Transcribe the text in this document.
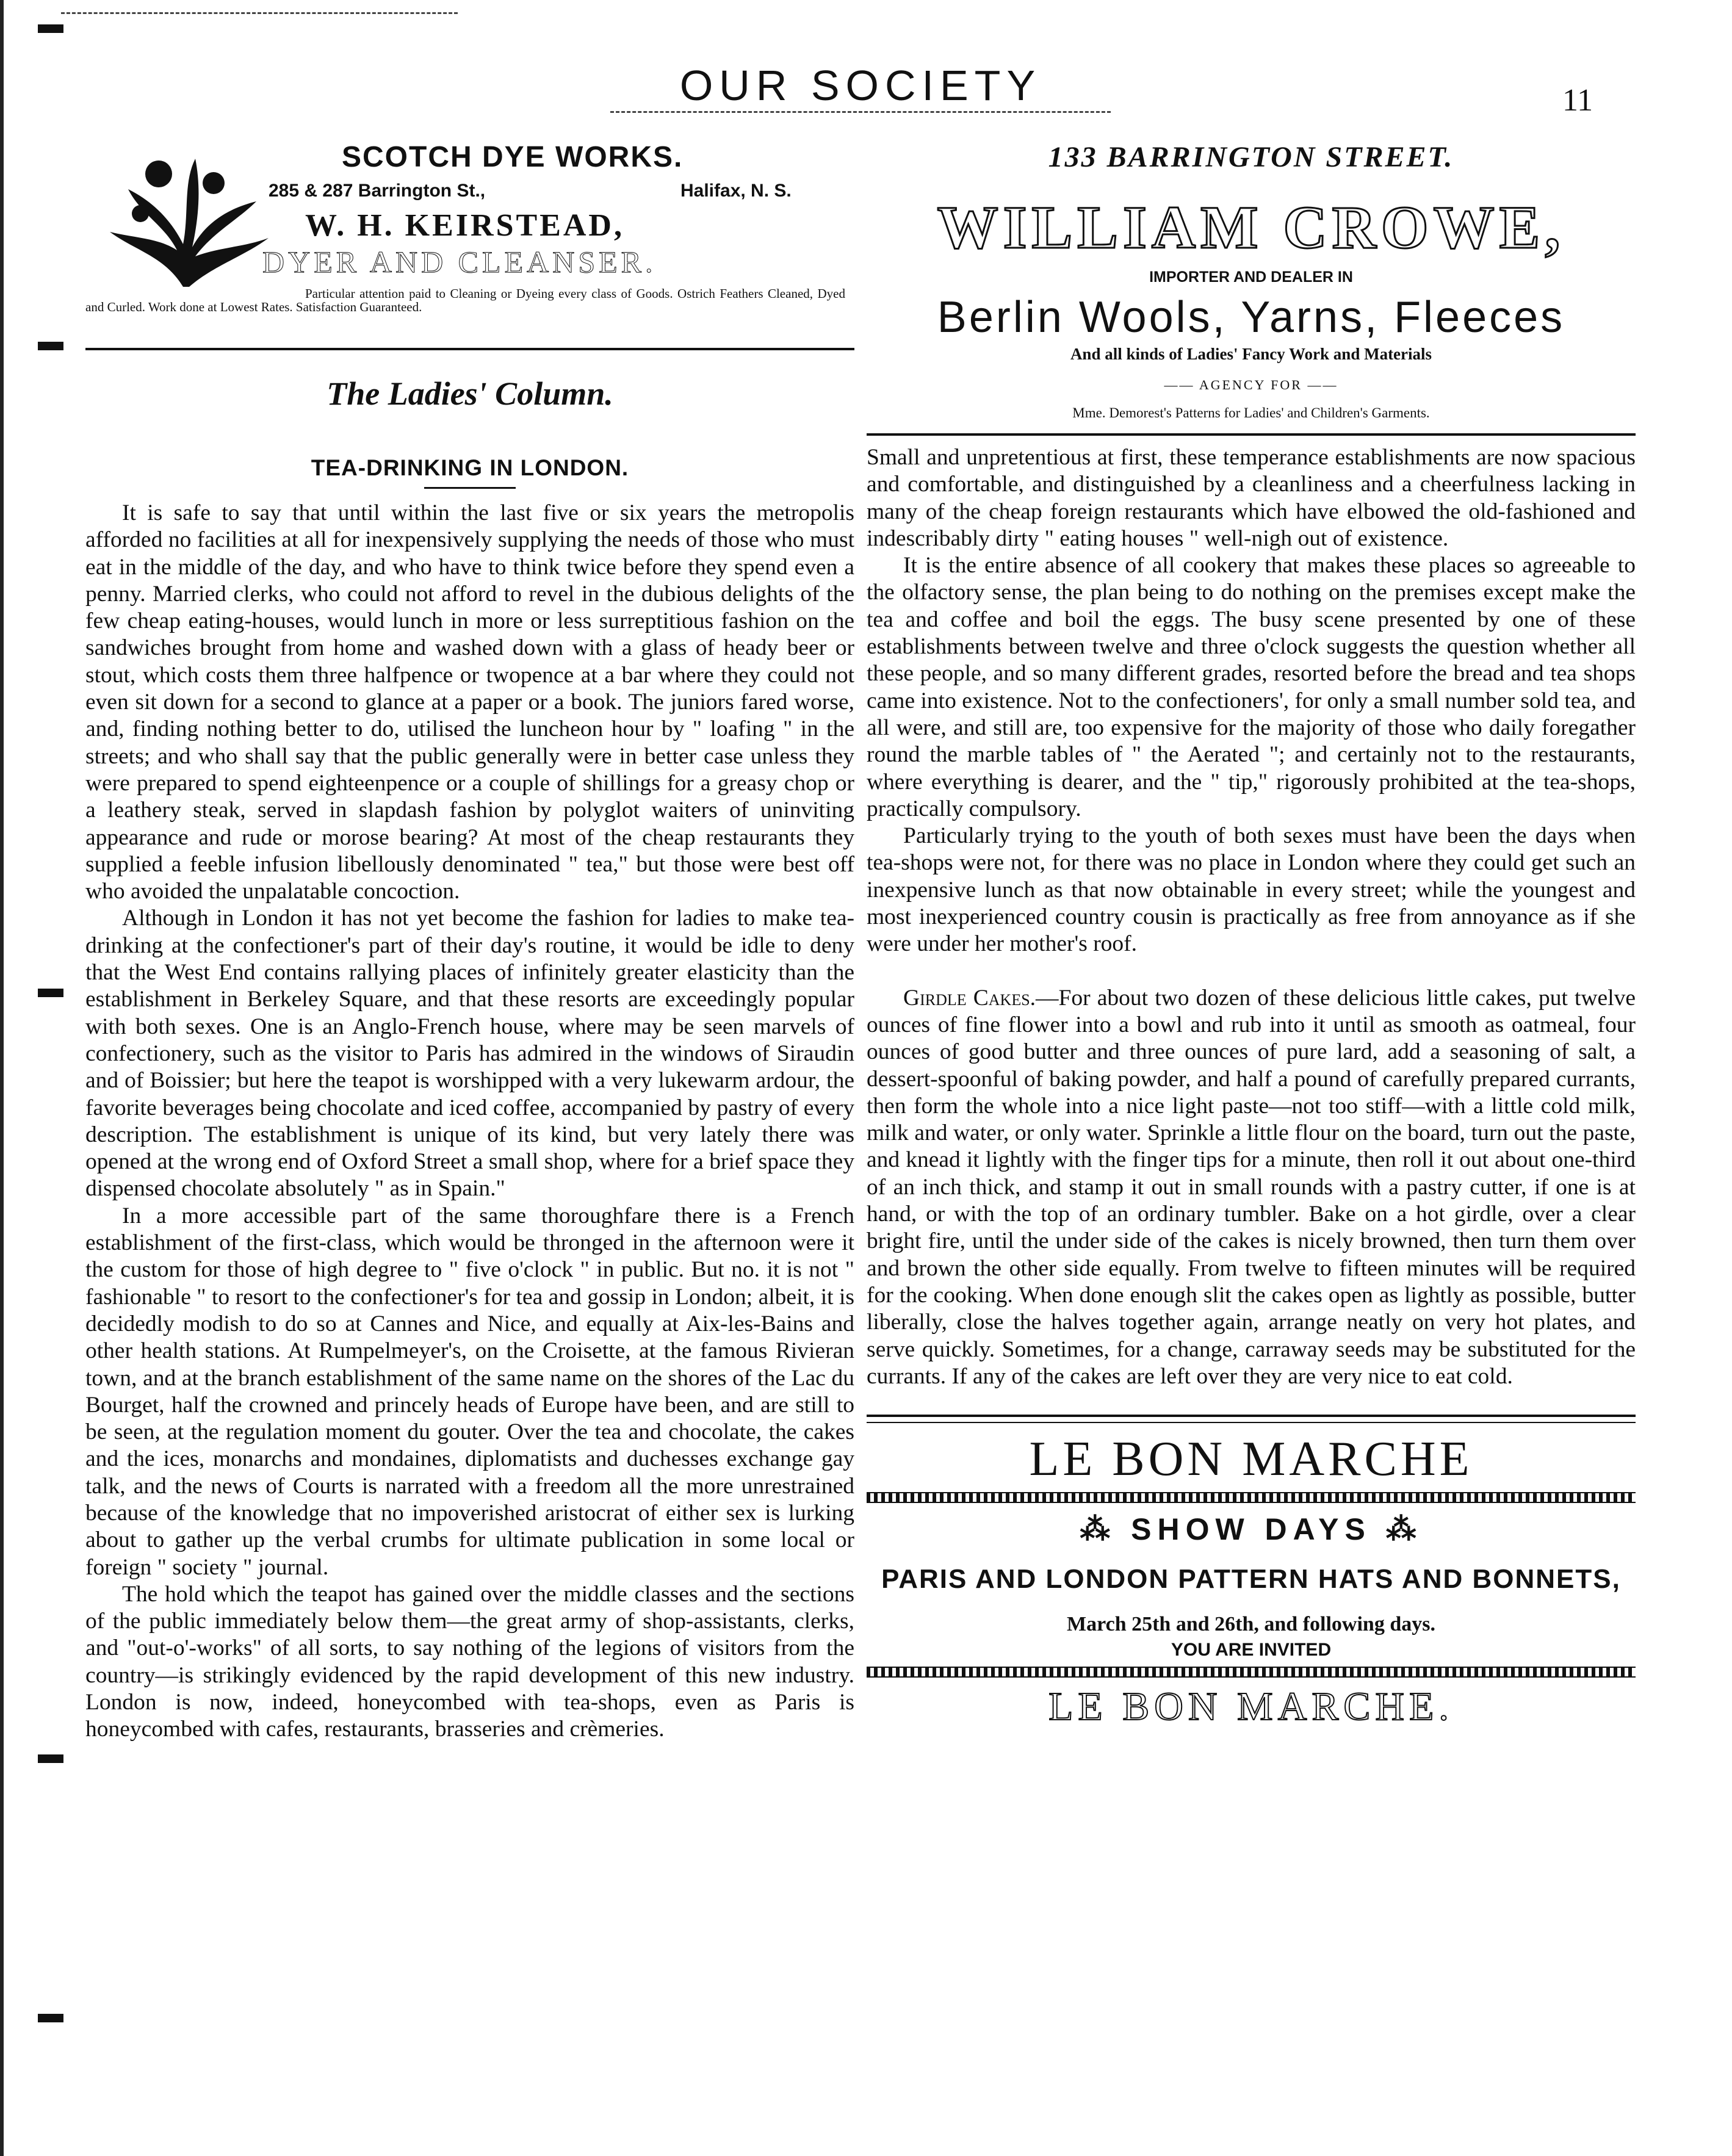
OUR SOCIETY	11
SCOTCH DYE WORKS.
285 & 287 Barrington St.,	Halifax, N. S.
W. H. KEIRSTEAD,
DYER AND CLEANSER.
Particular attention paid to Cleaning or Dyeing every class of Goods. Ostrich Feathers Cleaned, Dyed and Curled. Work done at Lowest Rates. Satisfaction Guaranteed.
The Ladies' Column.
TEA-DRINKING IN LONDON.

It is safe to say that until within the last five or six years the metropolis afforded no facilities at all for inexpensively supplying the needs of those who must eat in the middle of the day, and who have to think twice before they spend even a penny. Married clerks, who could not afford to revel in the dubious delights of the few cheap eating-houses, would lunch in more or less surreptitious fashion on the sandwiches brought from home and washed down with a glass of heady beer or stout, which costs them three halfpence or twopence at a bar where they could not even sit down for a second to glance at a paper or a book. The juniors fared worse, and, finding nothing better to do, utilised the luncheon hour by " loafing " in the streets; and who shall say that the public generally were in better case unless they were prepared to spend eighteenpence or a couple of shillings for a greasy chop or a leathery steak, served in slapdash fashion by polyglot waiters of uninviting appearance and rude or morose bearing? At most of the cheap restaurants they supplied a feeble infusion libellously denominated " tea," but those were best off who avoided the unpalatable concoction.

Although in London it has not yet become the fashion for ladies to make tea-drinking at the confectioner's part of their day's routine, it would be idle to deny that the West End contains rallying places of infinitely greater elasticity than the establishment in Berkeley Square, and that these resorts are exceedingly popular with both sexes. One is an Anglo-French house, where may be seen marvels of confectionery, such as the visitor to Paris has admired in the windows of Siraudin and of Boissier; but here the teapot is worshipped with a very lukewarm ardour, the favorite beverages being chocolate and iced coffee, accompanied by pastry of every description. The establishment is unique of its kind, but very lately there was opened at the wrong end of Oxford Street a small shop, where for a brief space they dispensed chocolate absolutely " as in Spain."

In a more accessible part of the same thoroughfare there is a French establishment of the first-class, which would be thronged in the afternoon were it the custom for those of high degree to " five o'clock " in public. But no. it is not " fashionable " to resort to the confectioner's for tea and gossip in London; albeit, it is decidedly modish to do so at Cannes and Nice, and equally at Aix-les-Bains and other health stations. At Rumpelmeyer's, on the Croisette, at the famous Rivieran town, and at the branch establishment of the same name on the shores of the Lac du Bourget, half the crowned and princely heads of Europe have been, and are still to be seen, at the regulation moment du gouter. Over the tea and chocolate, the cakes and the ices, monarchs and mondaines, diplomatists and duchesses exchange gay talk, and the news of Courts is narrated with a freedom all the more unrestrained because of the knowledge that no impoverished aristocrat of either sex is lurking about to gather up the verbal crumbs for ultimate publication in some local or foreign " society " journal.

The hold which the teapot has gained over the middle classes and the sections of the public immediately below them—the great army of shop-assistants, clerks, and "out-o'-works" of all sorts, to say nothing of the legions of visitors from the country—is strikingly evidenced by the rapid development of this new industry. London is now, indeed, honeycombed with tea-shops, even as Paris is honeycombed with cafes, restaurants, brasseries and crèmeries.

133 BARRINGTON STREET.
WILLIAM CROWE,
IMPORTER AND DEALER IN
Berlin Wools, Yarns, Fleeces
And all kinds of Ladies' Fancy Work and Materials
—— AGENCY FOR ——
Mme. Demorest's Patterns for Ladies' and Children's Garments.

Small and unpretentious at first, these temperance establishments are now spacious and comfortable, and distinguished by a cleanliness and a cheerfulness lacking in many of the cheap foreign restaurants which have elbowed the old-fashioned and indescribably dirty " eating houses " well-nigh out of existence.

It is the entire absence of all cookery that makes these places so agreeable to the olfactory sense, the plan being to do nothing on the premises except make the tea and coffee and boil the eggs. The busy scene presented by one of these establishments between twelve and three o'clock suggests the question whether all these people, and so many different grades, resorted before the bread and tea shops came into existence. Not to the confectioners', for only a small number sold tea, and all were, and still are, too expensive for the majority of those who daily foregather round the marble tables of " the Aerated "; and certainly not to the restaurants, where everything is dearer, and the " tip," rigorously prohibited at the tea-shops, practically compulsory.

Particularly trying to the youth of both sexes must have been the days when tea-shops were not, for there was no place in London where they could get such an inexpensive lunch as that now obtainable in every street; while the youngest and most inexperienced country cousin is practically as free from annoyance as if she were under her mother's roof.

Girdle Cakes.—For about two dozen of these delicious little cakes, put twelve ounces of fine flower into a bowl and rub into it until as smooth as oatmeal, four ounces of good butter and three ounces of pure lard, add a seasoning of salt, a dessert-spoonful of baking powder, and half a pound of carefully prepared currants, then form the whole into a nice light paste—not too stiff—with a little cold milk, milk and water, or only water. Sprinkle a little flour on the board, turn out the paste, and knead it lightly with the finger tips for a minute, then roll it out about one-third of an inch thick, and stamp it out in small rounds with a pastry cutter, if one is at hand, or with the top of an ordinary tumbler. Bake on a hot girdle, over a clear bright fire, until the under side of the cakes is nicely browned, then turn them over and brown the other side equally. From twelve to fifteen minutes will be required for the cooking. When done enough slit the cakes open as lightly as possible, butter liberally, close the halves together again, arrange neatly on very hot plates, and serve quickly. Sometimes, for a change, carraway seeds may be substituted for the currants. If any of the cakes are left over they are very nice to eat cold.

LE BON MARCHE
⁂ SHOW DAYS ⁂
PARIS AND LONDON PATTERN HATS AND BONNETS,
March 25th and 26th, and following days.
YOU ARE INVITED
LE BON MARCHE.
